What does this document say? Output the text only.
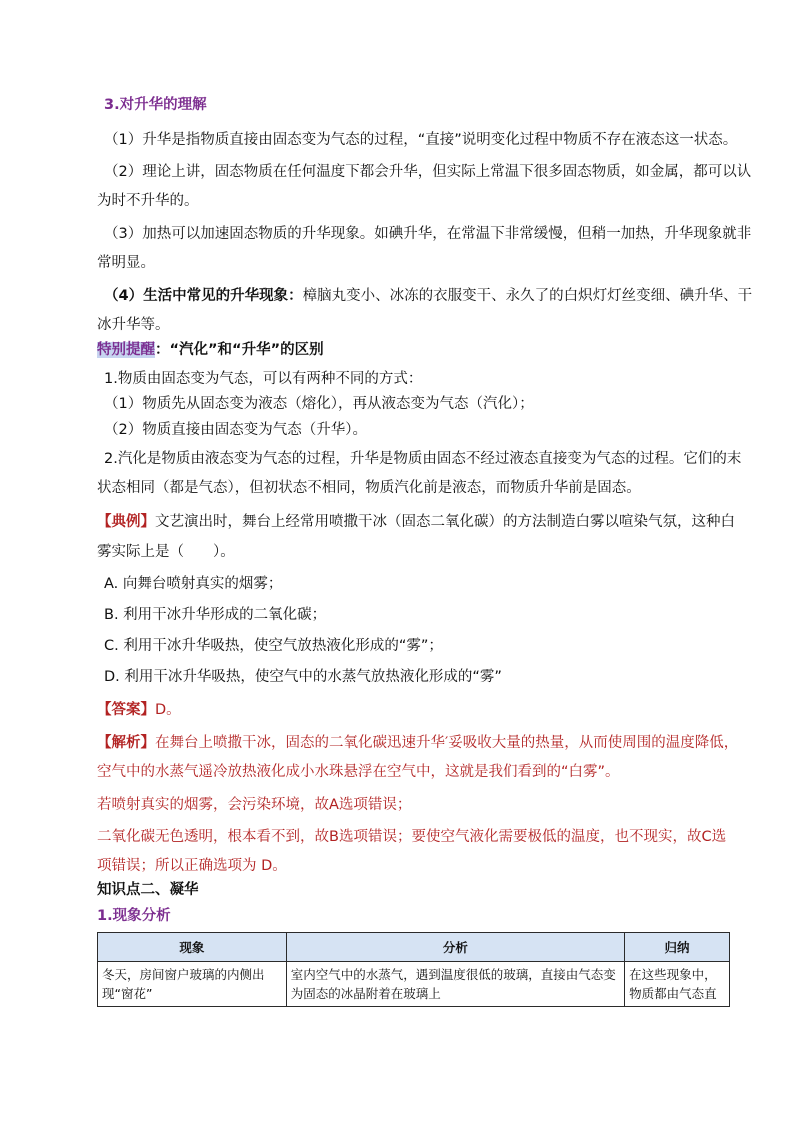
3.对升华的理解
（1）升华是指物质直接由固态变为气态的过程，“直接”说明变化过程中物质不存在液态这一状态。
（2）理论上讲，固态物质在任何温度下都会升华，但实际上常温下很多固态物质，如金属，都可以认
为时不升华的。
（3）加热可以加速固态物质的升华现象。如碘升华，在常温下非常缓慢，但稍一加热，升华现象就非
常明显。
（4）生活中常见的升华现象：樟脑丸变小、冰冻的衣服变干、永久了的白炽灯灯丝变细、碘升华、干
冰升华等。
特别提醒：“汽化”和“升华”的区别
1.物质由固态变为气态，可以有两种不同的方式：
（1）物质先从固态变为液态（熔化），再从液态变为气态（汽化）；
（2）物质直接由固态变为气态（升华）。
2.汽化是物质由液态变为气态的过程，升华是物质由固态不经过液态直接变为气态的过程。它们的末
状态相同（都是气态），但初状态不相同，物质汽化前是液态，而物质升华前是固态。
【典例】文艺演出时，舞台上经常用喷撒干冰（固态二氧化碳）的方法制造白雾以喧染气氛，这种白
雾实际上是（　　）。
A. 向舞台喷射真实的烟雾；
B. 利用干冰升华形成的二氧化碳；
C. 利用干冰升华吸热，使空气放热液化形成的“雾”；
D. 利用干冰升华吸热，使空气中的水蒸气放热液化形成的“雾”
【答案】D。
【解析】在舞台上喷撒干冰，固态的二氧化碳迅速升华′妥吸收大量的热量，从而使周围的温度降低，
空气中的水蒸气遥冷放热液化成小水珠悬浮在空气中，这就是我们看到的“白雾”。
若喷射真实的烟雾，会污染环境，故A选项错误；
二氧化碳无色透明，根本看不到，故B选项错误；要使空气液化需要极低的温度，也不现实，故C选
项错误；所以正确选项为 D。
知识点二、凝华
1.现象分析
现象	分析	归纳
冬天，房间窗户玻璃的内侧出现“窗花”	室内空气中的水蒸气，遇到温度很低的玻璃，直接由气态变为固态的冰晶附着在玻璃上	在这些现象中，物质都由气态直
